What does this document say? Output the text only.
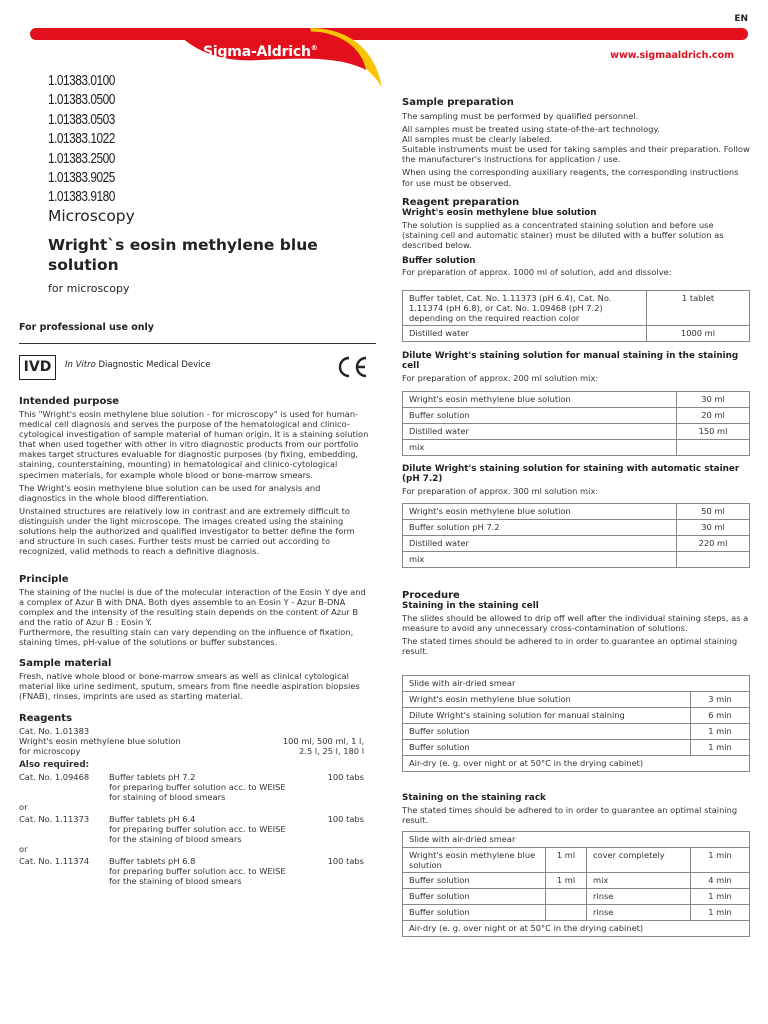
EN
Sigma-Aldrich®
www.sigmaaldrich.com
1.01383.0100
1.01383.0500
1.01383.0503
1.01383.1022
1.01383.2500
1.01383.9025
1.01383.9180
Microscopy
Wright`s eosin methylene blue solution
for microscopy
For professional use only
IVD	In Vitro Diagnostic Medical Device
Intended purpose

This "Wright's eosin methylene blue solution - for microscopy" is used for human-medical cell diagnosis and serves the purpose of the hematological and clinico-cytological investigation of sample material of human origin. It is a staining solution that when used together with other in vitro diagnostic products from our portfolio makes target structures evaluable for diagnostic purposes (by fixing, embedding, staining, counterstaining, mounting) in hematological and clinico-cytological specimen materials, for example whole blood or bone-marrow smears.

The Wright's eosin methylene blue solution can be used for analysis and diagnostics in the whole blood differentiation.

Unstained structures are relatively low in contrast and are extremely difficult to distinguish under the light microscope. The images created using the staining solutions help the authorized and qualified investigator to better define the form and structure in such cases. Further tests must be carried out according to recognized, valid methods to reach a definitive diagnosis.

Principle

The staining of the nuclei is due of the molecular interaction of the Eosin Y dye and a complex of Azur B with DNA. Both dyes assemble to an Eosin Y - Azur B-DNA complex and the intensity of the resulting stain depends on the content of Azur B and the ratio of Azur B : Eosin Y.

Furthermore, the resulting stain can vary depending on the influence of fixation, staining times, pH-value of the solutions or buffer substances.

Sample material

Fresh, native whole blood or bone-marrow smears as well as clinical cytological material like urine sediment, sputum, smears from fine needle aspiration biopsies (FNAB), rinses, imprints are used as starting material.

Reagents
Cat. No. 1.01383
Wright's eosin methylene blue solution	100 ml, 500 ml, 1 l,
for microscopy	2.5 l, 25 l, 180 l
Also required:
Cat. No. 1.09468	Buffer tablets pH 7.2
for preparing buffer solution acc. to WEISE
for staining of blood smears
100 tabs
or
Cat. No. 1.11373	Buffer tablets pH 6.4
for preparing buffer solution acc. to WEISE
for the staining of blood smears
100 tabs
or
Cat. No. 1.11374	Buffer tablets pH 6.8
for preparing buffer solution acc. to WEISE
for the staining of blood smears
100 tabs
Sample preparation

The sampling must be performed by qualified personnel.

All samples must be treated using state-of-the-art technology.

All samples must be clearly labeled.

Suitable instruments must be used for taking samples and their preparation. Follow the manufacturer's instructions for application / use.

When using the corresponding auxiliary reagents, the corresponding instructions for use must be observed.

Reagent preparation
Wright's eosin methylene blue solution

The solution is supplied as a concentrated staining solution and before use (staining cell and automatic stainer) must be diluted with a buffer solution as described below.

Buffer solution
For preparation of approx. 1000 ml of solution, add and dissolve:
Buffer tablet, Cat. No. 1.11373 (pH 6.4), Cat. No. 1.11374 (pH 6.8), or Cat. No. 1.09468 (pH 7.2) depending on the required reaction color	1 tablet
Distilled water	1000 ml
Dilute Wright's staining solution for manual staining in the staining cell
For preparation of approx. 200 ml solution mix:
Wright's eosin methylene blue solution	30 ml
Buffer solution	20 ml
Distilled water	150 ml
mix	
Dilute Wright's staining solution for staining with automatic stainer (pH 7.2)
For preparation of approx. 300 ml solution mix:
Wright's eosin methylene blue solution	50 ml
Buffer solution pH 7.2	30 ml
Distilled water	220 ml
mix	
Procedure
Staining in the staining cell

The slides should be allowed to drip off well after the individual staining steps, as a measure to avoid any unnecessary cross-contamination of solutions.

The stated times should be adhered to in order to guarantee an optimal staining result.

Slide with air-dried smear	
Wright's eosin methylene blue solution	3 min
Dilute Wright's staining solution for manual staining	6 min
Buffer solution	1 min
Buffer solution	1 min
Air-dry (e. g. over night or at 50°C in the drying cabinet)	
Staining on the staining rack

The stated times should be adhered to in order to guarantee an optimal staining result.

Slide with air-dried smear			
Wright's eosin methylene blue solution	1 ml	cover completely	1 min
Buffer solution	1 ml	mix	4 min
Buffer solution		rinse	1 min
Buffer solution		rinse	1 min
Air-dry (e. g. over night or at 50°C in the drying cabinet)			
